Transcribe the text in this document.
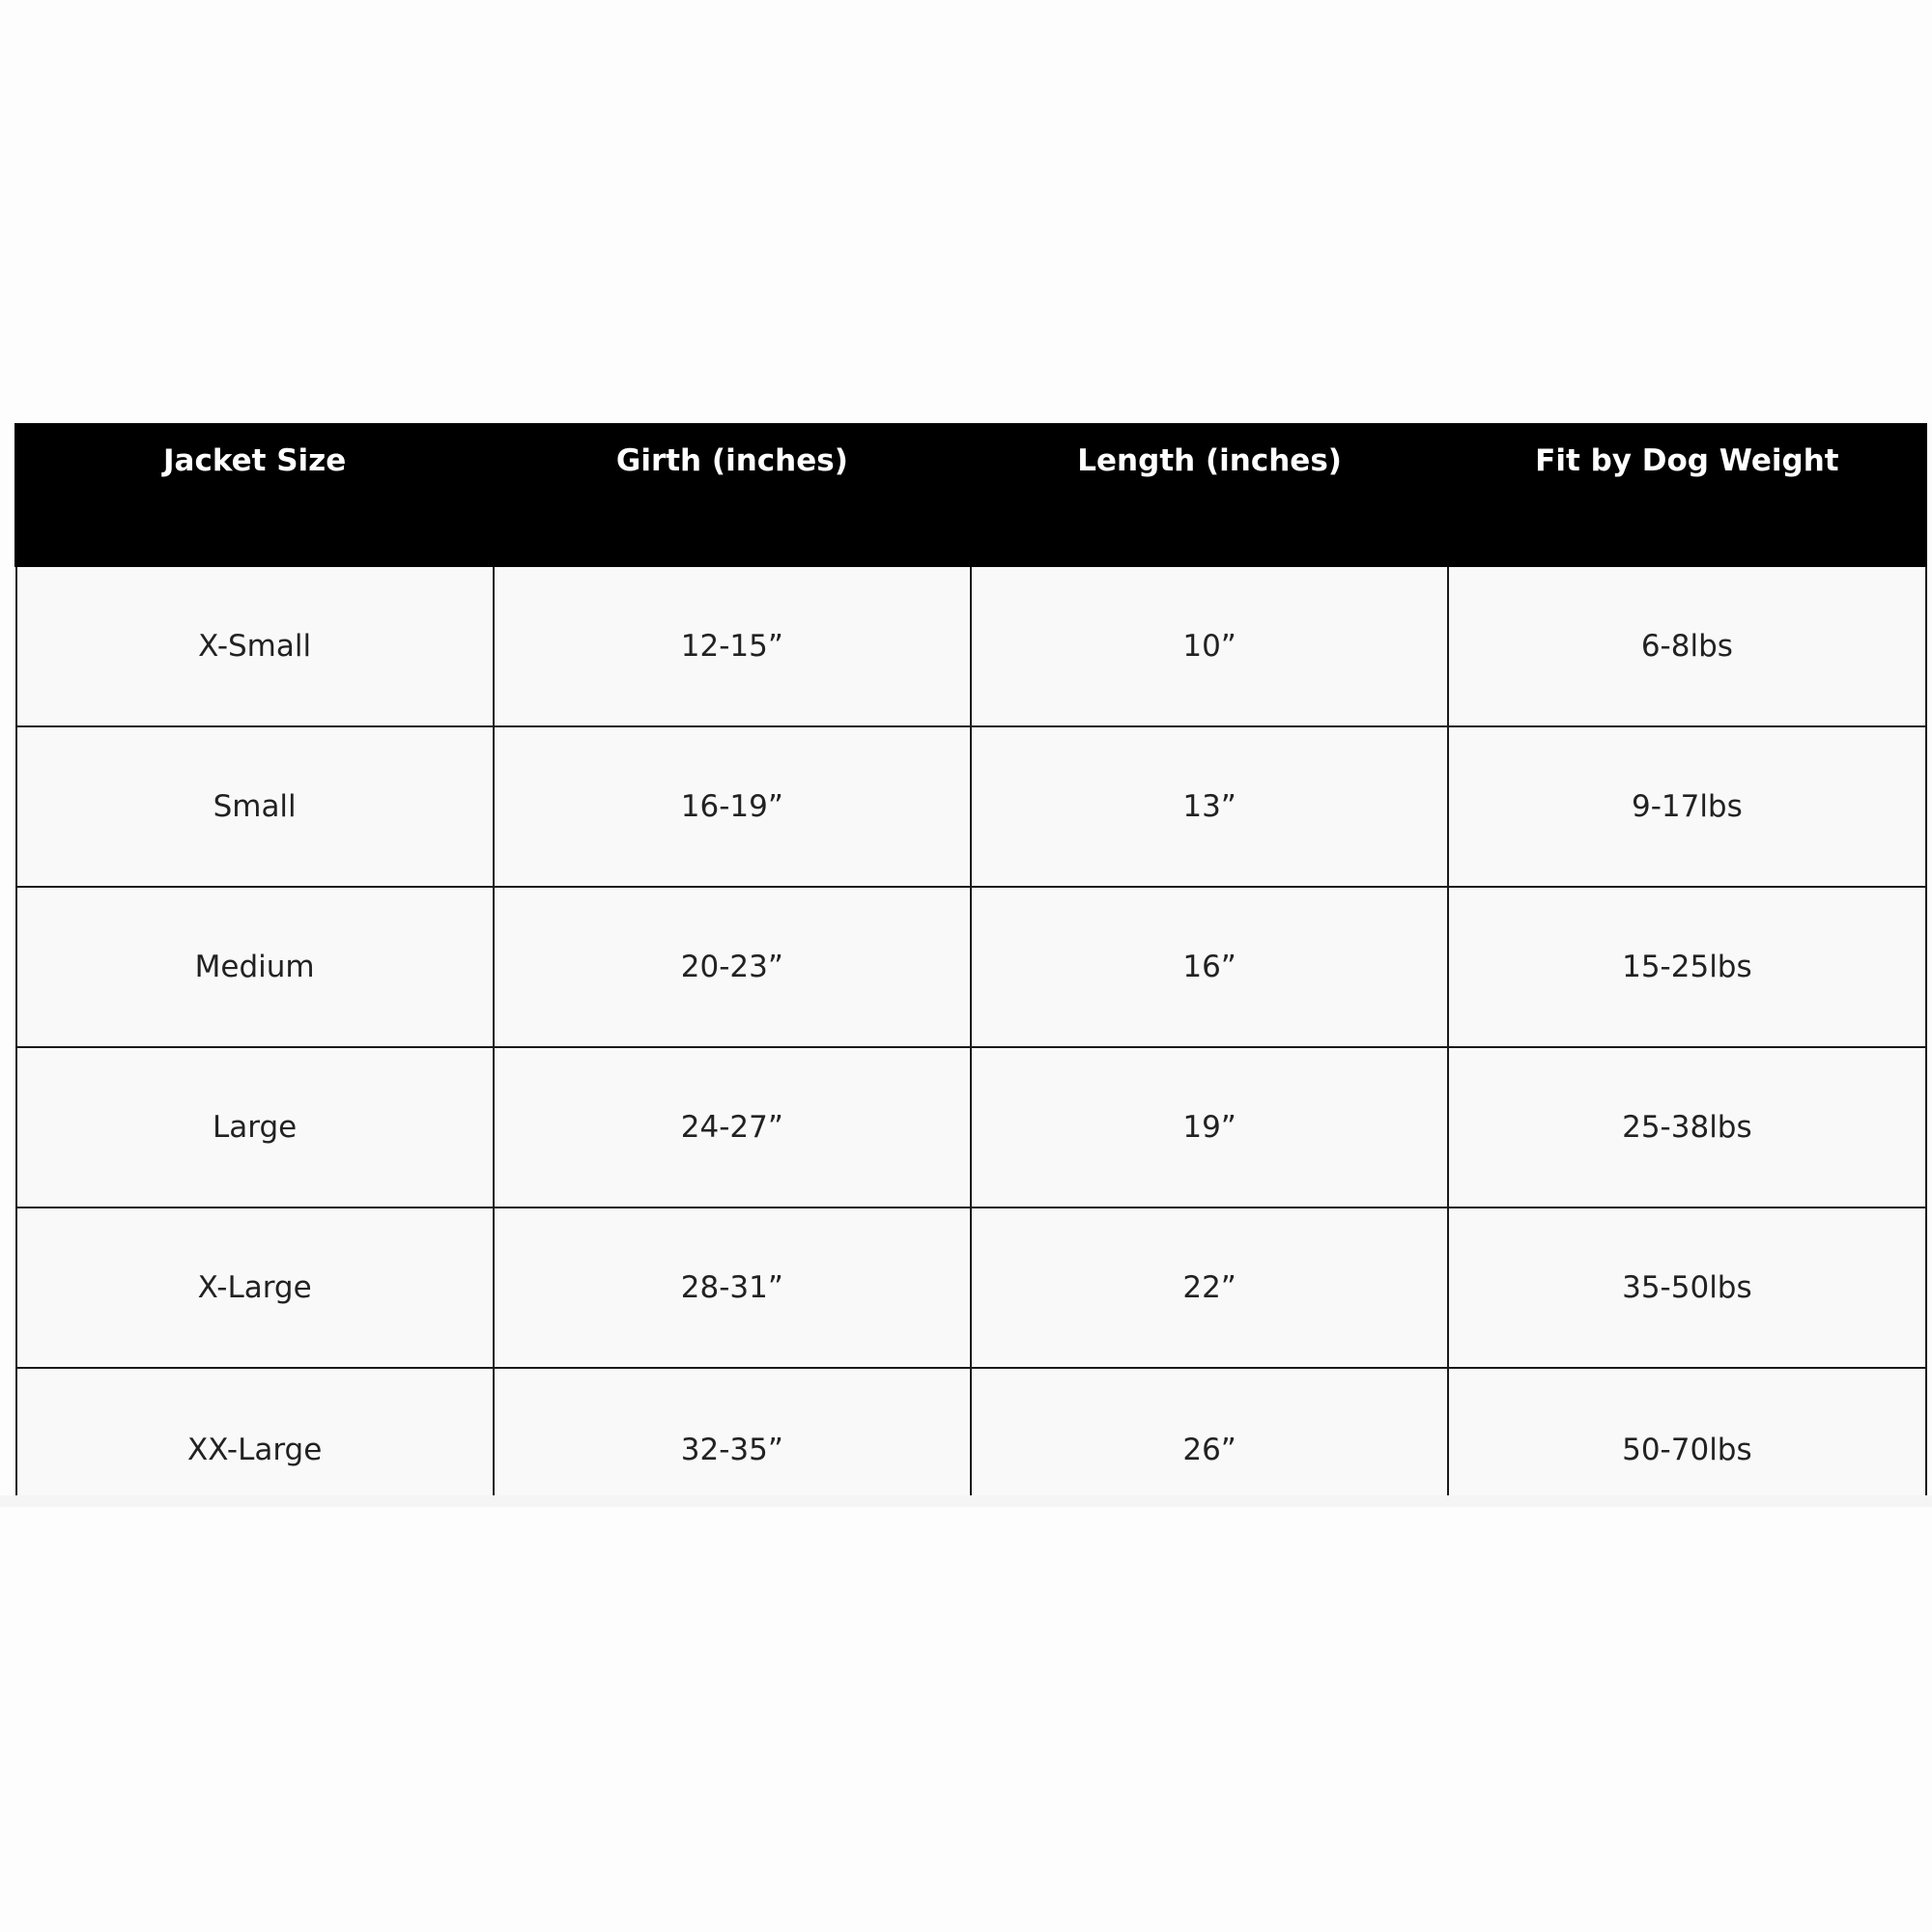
Jacket Size	Girth (inches)	Length (inches)	Fit by Dog Weight
X-Small	12-15”	10”	6-8lbs
Small	16-19”	13”	9-17lbs
Medium	20-23”	16”	15-25lbs
Large	24-27”	19”	25-38lbs
X-Large	28-31”	22”	35-50lbs
XX-Large	32-35”	26”	50-70lbs
